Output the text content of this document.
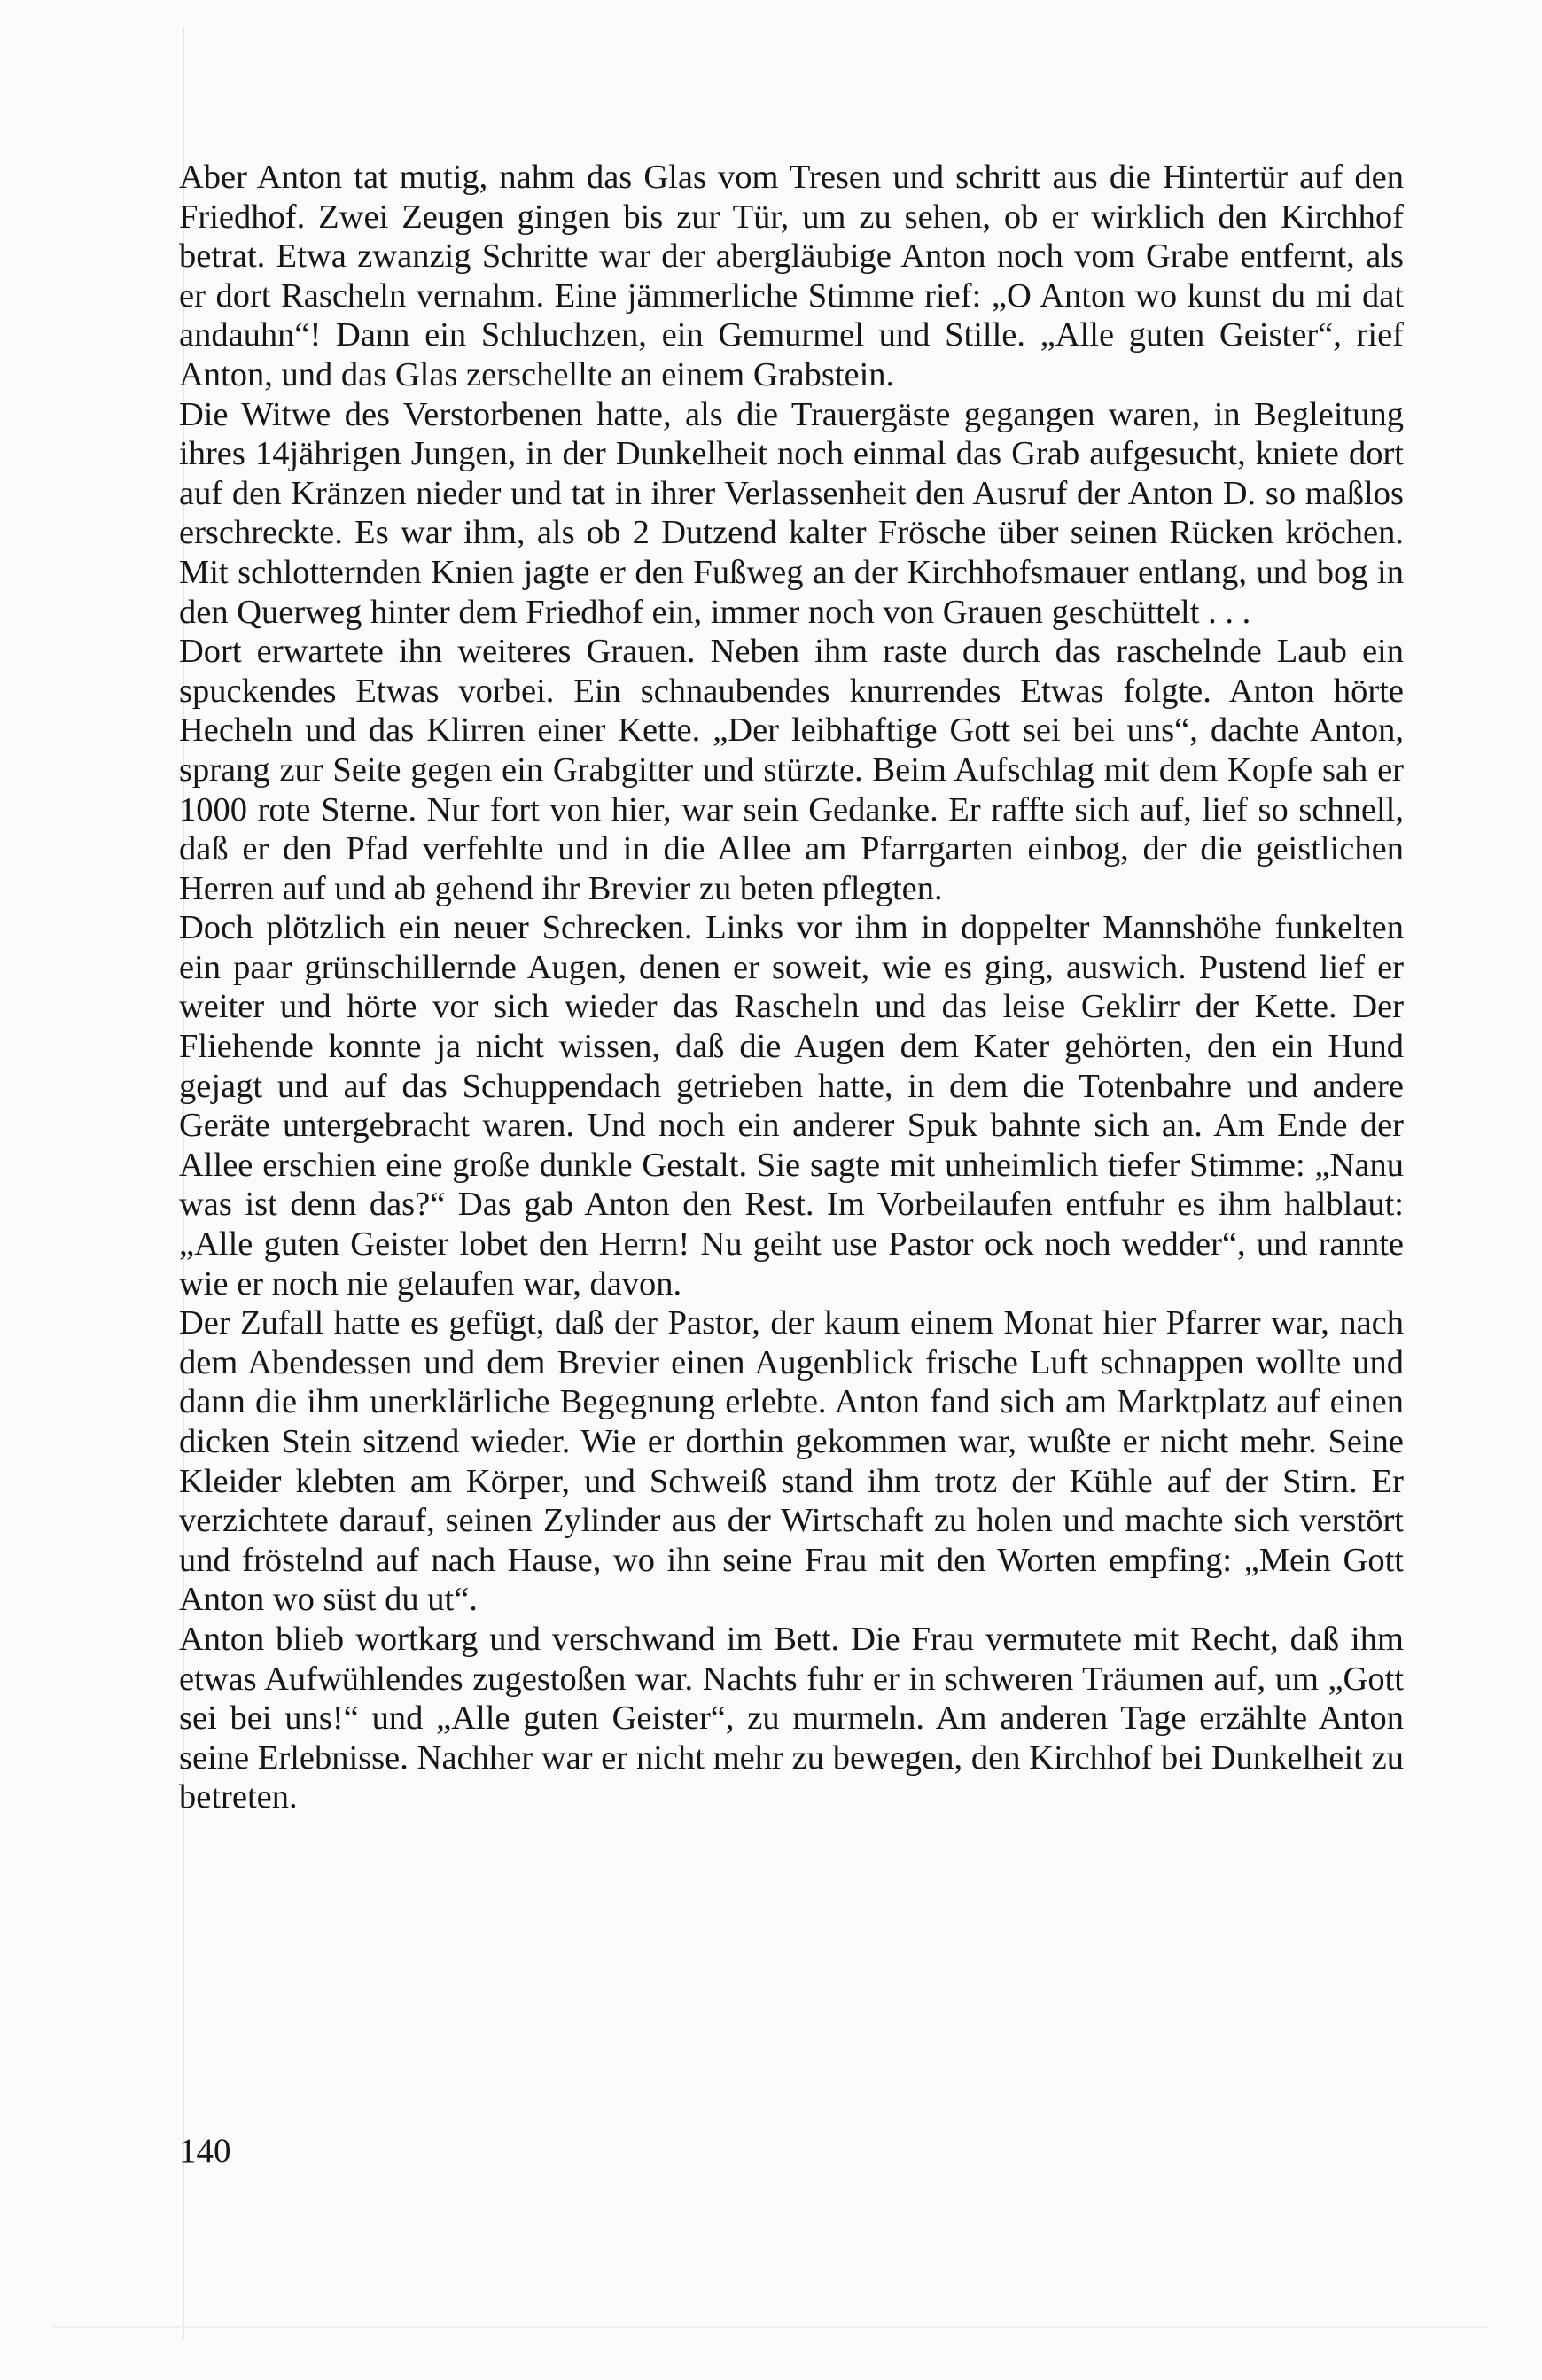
Aber Anton tat mutig, nahm das Glas vom Tresen und schritt aus die Hintertür auf den Friedhof. Zwei Zeugen gingen bis zur Tür, um zu sehen, ob er wirklich den Kirchhof betrat. Etwa zwanzig Schritte war der abergläubige Anton noch vom Grabe entfernt, als er dort Rascheln vernahm. Eine jämmerliche Stimme rief: „O Anton wo kunst du mi dat andauhn“! Dann ein Schluchzen, ein Gemurmel und Stille. „Alle guten Geister“, rief Anton, und das Glas zerschellte an einem Grabstein.

Die Witwe des Verstorbenen hatte, als die Trauergäste gegangen waren, in Begleitung ihres 14jährigen Jungen, in der Dunkelheit noch einmal das Grab aufgesucht, kniete dort auf den Kränzen nieder und tat in ihrer Verlassenheit den Ausruf der Anton D. so maßlos erschreckte. Es war ihm, als ob 2 Dutzend kalter Frösche über seinen Rücken kröchen. Mit schlotternden Knien jagte er den Fußweg an der Kirchhofsmauer entlang, und bog in den Querweg hinter dem Friedhof ein, immer noch von Grauen geschüttelt . . .

Dort erwartete ihn weiteres Grauen. Neben ihm raste durch das raschelnde Laub ein spuckendes Etwas vorbei. Ein schnaubendes knurrendes Etwas folgte. Anton hörte Hecheln und das Klirren einer Kette. „Der leibhaftige Gott sei bei uns“, dachte Anton, sprang zur Seite gegen ein Grabgitter und stürzte. Beim Aufschlag mit dem Kopfe sah er 1000 rote Sterne. Nur fort von hier, war sein Gedanke. Er raffte sich auf, lief so schnell, daß er den Pfad verfehlte und in die Allee am Pfarrgarten einbog, der die geistlichen Herren auf und ab gehend ihr Brevier zu beten pflegten.

Doch plötzlich ein neuer Schrecken. Links vor ihm in doppelter Mannshöhe funkelten ein paar grünschillernde Augen, denen er soweit, wie es ging, auswich. Pustend lief er weiter und hörte vor sich wieder das Rascheln und das leise Geklirr der Kette. Der Fliehende konnte ja nicht wissen, daß die Augen dem Kater gehörten, den ein Hund gejagt und auf das Schuppendach getrieben hatte, in dem die Totenbahre und andere Geräte untergebracht waren. Und noch ein anderer Spuk bahnte sich an. Am Ende der Allee erschien eine große dunkle Gestalt. Sie sagte mit unheimlich tiefer Stimme: „Nanu was ist denn das?“ Das gab Anton den Rest. Im Vorbeilaufen entfuhr es ihm halblaut: „Alle guten Geister lobet den Herrn! Nu geiht use Pastor ock noch wedder“, und rannte wie er noch nie gelaufen war, davon.

Der Zufall hatte es gefügt, daß der Pastor, der kaum einem Monat hier Pfarrer war, nach dem Abendessen und dem Brevier einen Augenblick frische Luft schnappen wollte und dann die ihm unerklärliche Begegnung erlebte. Anton fand sich am Marktplatz auf einen dicken Stein sitzend wieder. Wie er dorthin gekommen war, wußte er nicht mehr. Seine Kleider klebten am Körper, und Schweiß stand ihm trotz der Kühle auf der Stirn. Er verzichtete darauf, seinen Zylinder aus der Wirtschaft zu holen und machte sich verstört und fröstelnd auf nach Hause, wo ihn seine Frau mit den Worten empfing: „Mein Gott Anton wo süst du ut“.

Anton blieb wortkarg und verschwand im Bett. Die Frau vermutete mit Recht, daß ihm etwas Aufwühlendes zugestoßen war. Nachts fuhr er in schweren Träumen auf, um „Gott sei bei uns!“ und „Alle guten Geister“, zu murmeln. Am anderen Tage erzählte Anton seine Erlebnisse. Nachher war er nicht mehr zu bewegen, den Kirchhof bei Dunkelheit zu betreten.

140
